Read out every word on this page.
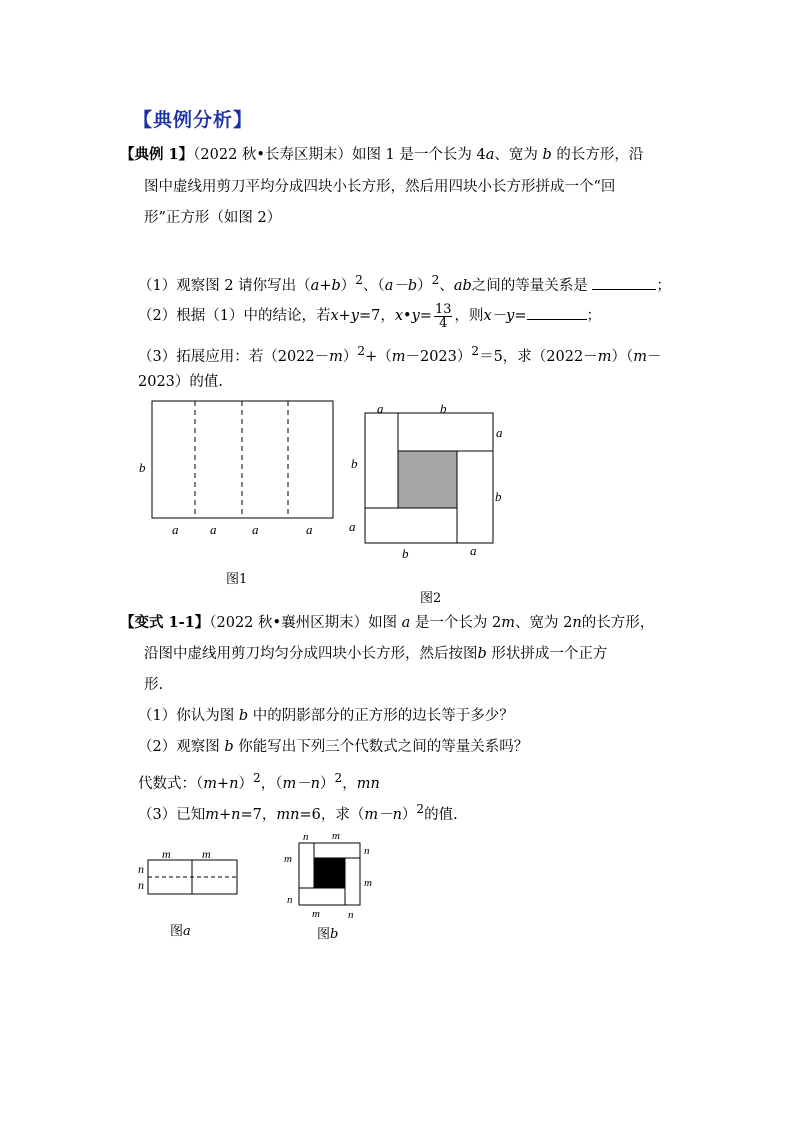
【典例分析】
【典例 1】（2022 秋•长寿区期末）如图 1 是一个长为 4a、宽为 b 的长方形，沿
图中虚线用剪刀平均分成四块小长方形，然后用四块小长方形拼成一个“回
形”正方形（如图 2）
（1）观察图 2 请你写出$(a+b)^2$、$(a-b)^2$、ab之间的等量关系是	；
（2）根据（1）中的结论，若x+y=7，x•y= $\frac{13}{4}$ ，则x－y=	；
（3）拓展应用：若$(2022-m)^2+(m-2023)^2=5$，求（2022－m）（m－
2023）的值.
b
a a	a	a
图1
a	b
a
b
b
a
b	a
图2
【变式 1-1】（2022 秋•襄州区期末）如图 a 是一个长为 2m、宽为 2n的长方形，
沿图中虚线用剪刀均匀分成四块小长方形，然后按图b 形状拼成一个正方
形.
（1）你认为图 b 中的阴影部分的正方形的边长等于多少？
（2）观察图 b 你能写出下列三个代数式之间的等量关系吗？
代数式：$(m+n)^2$，$(m-n)^2$，mn
（3）已知m+n=7，mn=6，求$(m-n)^2$的值.
m	m
n
n
图a
n m
n
m
m
n
m	n
图b
